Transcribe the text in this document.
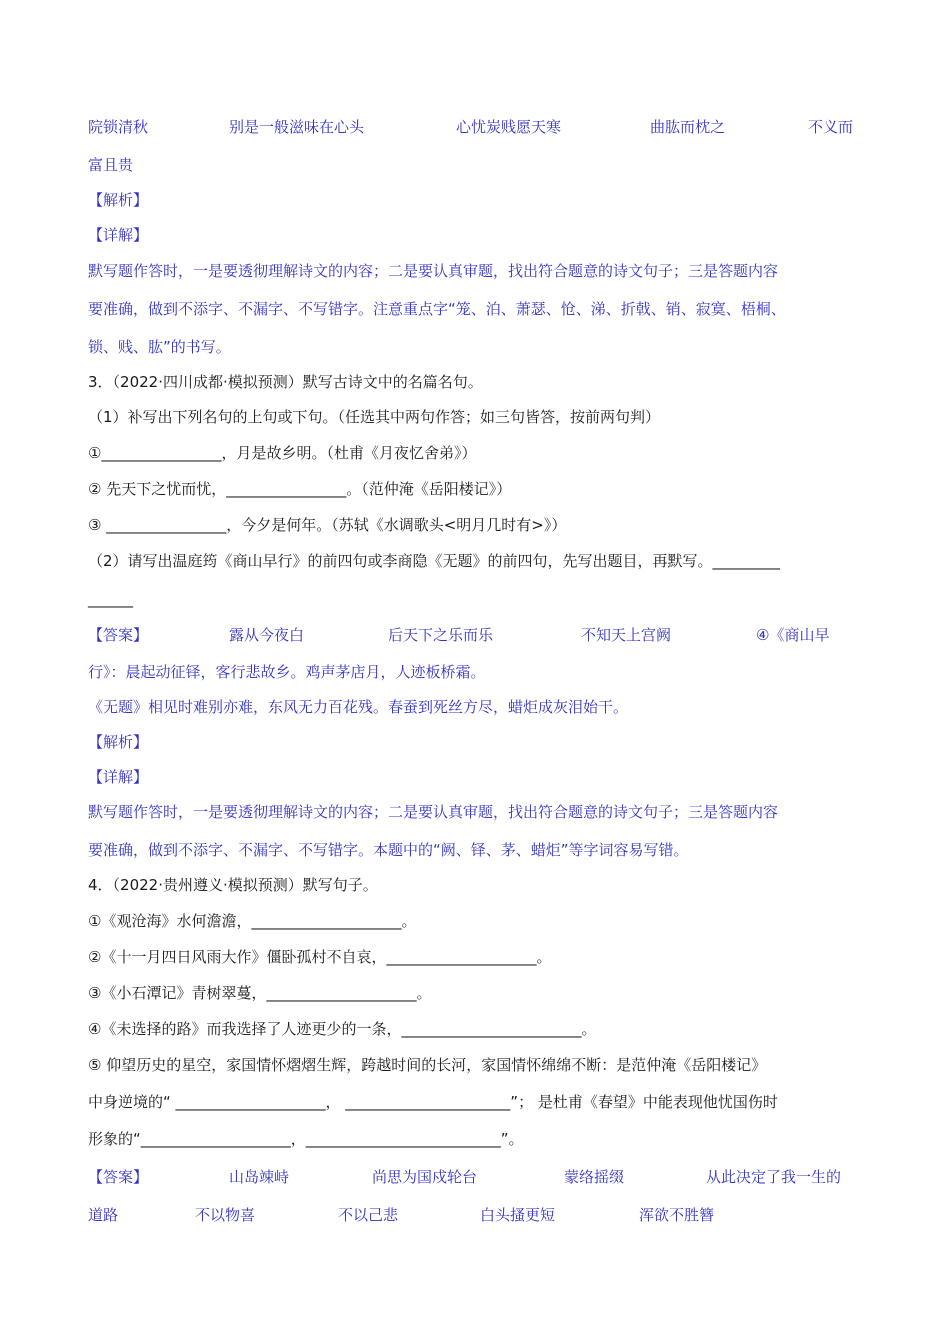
院锁清秋	别是一般滋味在心头	心忧炭贱愿天寒	曲肱而枕之	不义而
富且贵
【解析】
【详解】
默写题作答时，一是要透彻理解诗文的内容；二是要认真审题，找出符合题意的诗文句子；三是答题内容
要准确，做到不添字、不漏字、不写错字。注意重点字“笼、泊、萧瑟、怆、涕、折戟、销、寂寞、梧桐、
锁、贱、肱”的书写。
3．（2022·四川成都·模拟预测）默写古诗文中的名篇名句。
（1）补写出下列名句的上句或下句。（任选其中两句作答；如三句皆答，按前两句判）
①________________，月是故乡明。（杜甫《月夜忆舍弟》）
② 先天下之忧而忧，________________。（范仲淹《岳阳楼记》）
③ ________________，今夕是何年。（苏轼《水调歌头<明月几时有>》）
（2）请写出温庭筠《商山早行》的前四句或李商隐《无题》的前四句，先写出题目，再默写。_________
______
【答案】	露从今夜白	后天下之乐而乐	不知天上宫阙	④《商山早
行》：晨起动征铎，客行悲故乡。鸡声茅店月，人迹板桥霜。
《无题》相见时难别亦难，东风无力百花残。春蚕到死丝方尽，蜡炬成灰泪始干。
【解析】
【详解】
默写题作答时，一是要透彻理解诗文的内容；二是要认真审题，找出符合题意的诗文句子；三是答题内容
要准确，做到不添字、不漏字、不写错字。本题中的“阙、铎、茅、蜡炬”等字词容易写错。
4．（2022·贵州遵义·模拟预测）默写句子。
①《观沧海》水何澹澹，____________________。
②《十一月四日风雨大作》僵卧孤村不自哀，____________________。
③《小石潭记》青树翠蔓，____________________。
④《未选择的路》而我选择了人迹更少的一条，________________________。
⑤ 仰望历史的星空，家国情怀熠熠生辉，跨越时间的长河，家国情怀绵绵不断：是范仲淹《岳阳楼记》
中身逆境的“ ____________________， ______________________”； 是杜甫《春望》中能表现他忧国伤时
形象的“____________________，__________________________”。
【答案】	山岛竦峙	尚思为国戍轮台	蒙络摇缀	从此决定了我一生的
道路	不以物喜	不以己悲	白头搔更短	浑欲不胜簪
